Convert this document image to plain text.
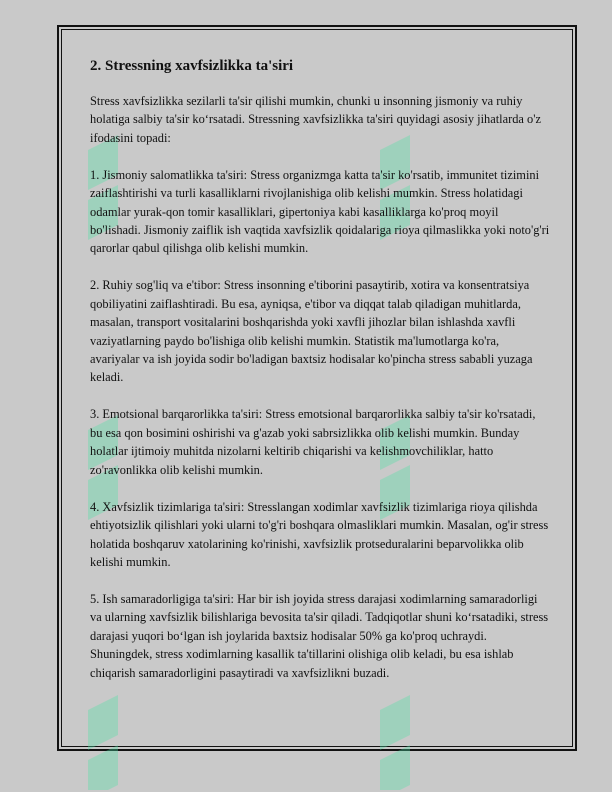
2. Stressning xavfsizlikka ta'siri

Stress xavfsizlikka sezilarli ta'sir qilishi mumkin, chunki u insonning jismoniy va ruhiy holatiga salbiy ta'sir ko‘rsatadi. Stressning xavfsizlikka ta'siri quyidagi asosiy jihatlarda o'z ifodasini topadi:

1. Jismoniy salomatlikka ta'siri: Stress organizmga katta ta'sir ko'rsatib, immunitet tizimini zaiflashtirishi va turli kasalliklarni rivojlanishiga olib kelishi mumkin. Stress holatidagi odamlar yurak-qon tomir kasalliklari, gipertoniya kabi kasalliklarga ko'proq moyil bo'lishadi. Jismoniy zaiflik ish vaqtida xavfsizlik qoidalariga rioya qilmaslikka yoki noto'g'ri qarorlar qabul qilishga olib kelishi mumkin.

2. Ruhiy sog'liq va e'tibor: Stress insonning e'tiborini pasaytirib, xotira va konsentratsiya qobiliyatini zaiflashtiradi. Bu esa, ayniqsa, e'tibor va diqqat talab qiladigan muhitlarda, masalan, transport vositalarini boshqarishda yoki xavfli jihozlar bilan ishlashda xavfli vaziyatlarning paydo bo'lishiga olib kelishi mumkin. Statistik ma'lumotlarga ko'ra, avariyalar va ish joyida sodir bo'ladigan baxtsiz hodisalar ko'pincha stress sababli yuzaga keladi.

3. Emotsional barqarorlikka ta'siri: Stress emotsional barqarorlikka salbiy ta'sir ko'rsatadi, bu esa qon bosimini oshirishi va g'azab yoki sabrsizlikka olib kelishi mumkin. Bunday holatlar ijtimoiy muhitda nizolarni keltirib chiqarishi va kelishmovchiliklar, hatto zo'ravonlikka olib kelishi mumkin.

4. Xavfsizlik tizimlariga ta'siri: Stresslangan xodimlar xavfsizlik tizimlariga rioya qilishda ehtiyotsizlik qilishlari yoki ularni to'g'ri boshqara olmasliklari mumkin. Masalan, og'ir stress holatida boshqaruv xatolarining ko'rinishi, xavfsizlik protseduralarini beparvolikka olib kelishi mumkin.

5. Ish samaradorligiga ta'siri: Har bir ish joyida stress darajasi xodimlarning samaradorligi va ularning xavfsizlik bilishlariga bevosita ta'sir qiladi. Tadqiqotlar shuni ko‘rsatadiki, stress darajasi yuqori bo‘lgan ish joylarida baxtsiz hodisalar 50% ga ko'proq uchraydi. Shuningdek, stress xodimlarning kasallik ta'tillarini olishiga olib keladi, bu esa ishlab chiqarish samaradorligini pasaytiradi va xavfsizlikni buzadi.
